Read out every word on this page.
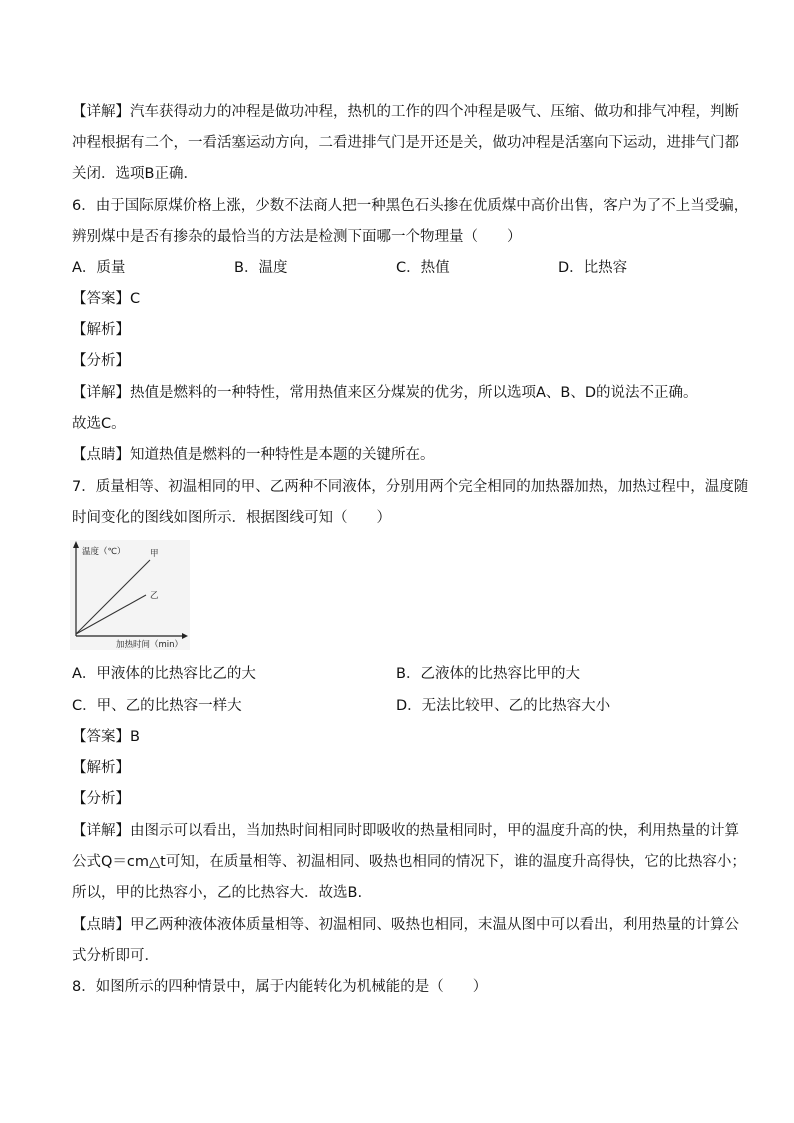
【详解】汽车获得动力的冲程是做功冲程，热机的工作的四个冲程是吸气、压缩、做功和排气冲程，判断
冲程根据有二个，一看活塞运动方向，二看进排气门是开还是关，做功冲程是活塞向下运动，进排气门都
关闭．选项B正确．
6．由于国际原煤价格上涨，少数不法商人把一种黑色石头掺在优质煤中高价出售，客户为了不上当受骗，
辨别煤中是否有掺杂的最恰当的方法是检测下面哪一个物理量（　　）
A．质量	B．温度	C．热值	D．比热容
【答案】C
【解析】
【分析】
【详解】热值是燃料的一种特性，常用热值来区分煤炭的优劣，所以选项A、B、D的说法不正确。
故选C。
【点睛】知道热值是燃料的一种特性是本题的关键所在。
7．质量相等、初温相同的甲、乙两种不同液体，分别用两个完全相同的加热器加热，加热过程中，温度随
时间变化的图线如图所示．根据图线可知（　　）
温度（℃）	甲
乙
加热时间（min）
A．甲液体的比热容比乙的大	B．乙液体的比热容比甲的大
C．甲、乙的比热容一样大	D．无法比较甲、乙的比热容大小
【答案】B
【解析】
【分析】
【详解】由图示可以看出，当加热时间相同时即吸收的热量相同时，甲的温度升高的快，利用热量的计算
公式Q＝cm△t可知，在质量相等、初温相同、吸热也相同的情况下，谁的温度升高得快，它的比热容小；
所以，甲的比热容小，乙的比热容大．故选B.
【点睛】甲乙两种液体液体质量相等、初温相同、吸热也相同，末温从图中可以看出，利用热量的计算公
式分析即可．
8．如图所示的四种情景中，属于内能转化为机械能的是（　　）
